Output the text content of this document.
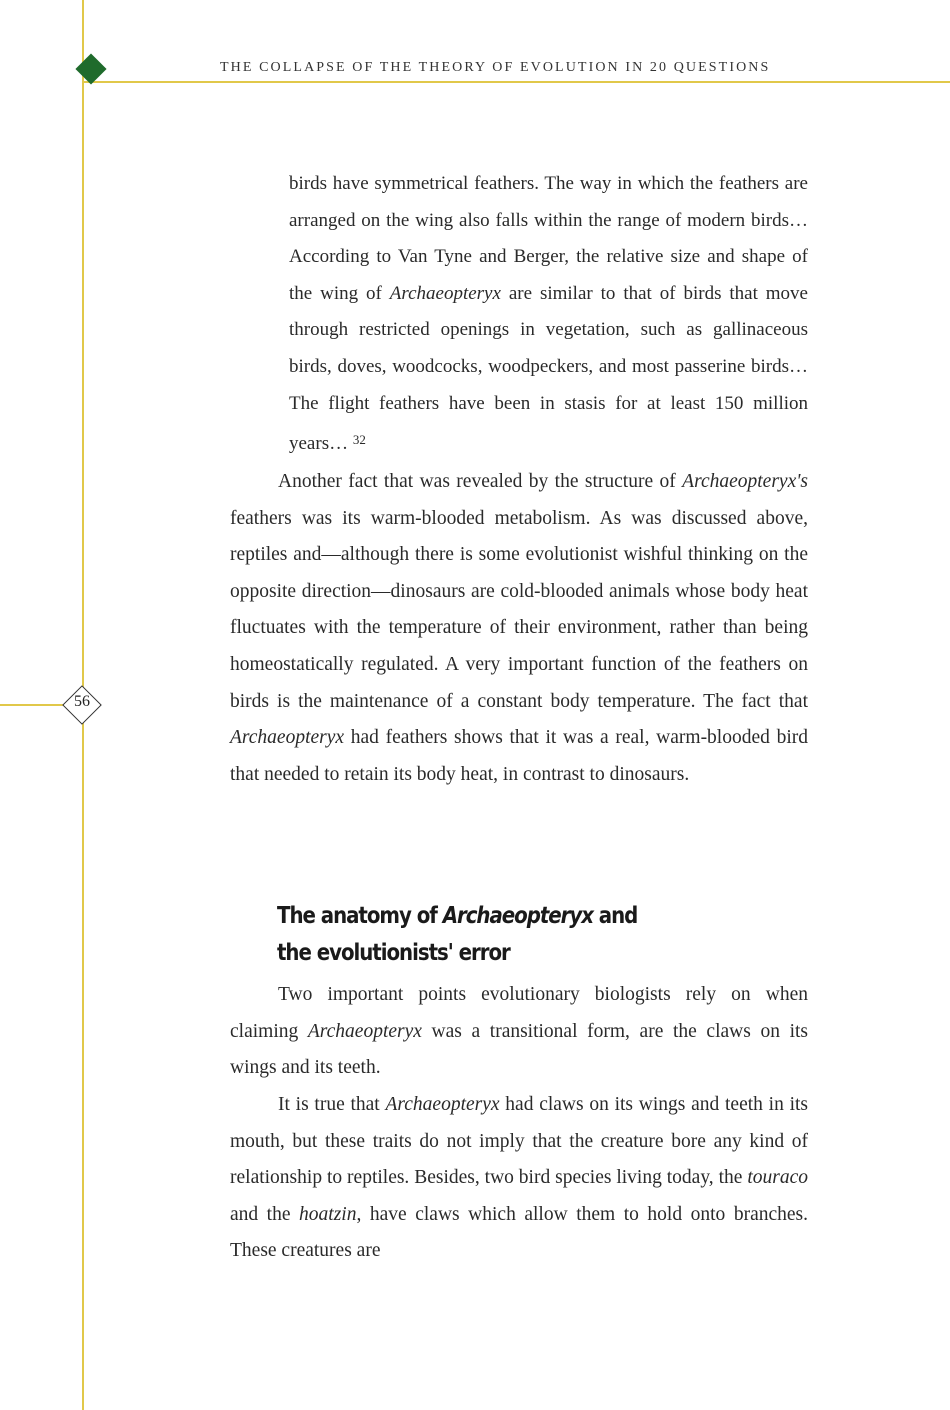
THE COLLAPSE OF THE THEORY OF EVOLUTION IN 20 QUESTIONS
56

birds have symmetrical feathers. The way in which the feathers are arranged on the wing also falls within the range of modern birds… According to Van Tyne and Berger, the relative size and shape of the wing of Archaeopteryx are similar to that of birds that move through restricted openings in vegetation, such as gallinaceous birds, doves, woodcocks, woodpeckers, and most passerine birds… The flight feathers have been in stasis for at least 150 million years… $^{32}$

Another fact that was revealed by the structure of Archaeopteryx's feathers was its warm-blooded metabolism. As was discussed above, reptiles and—although there is some evolutionist wishful thinking on the opposite direction—dinosaurs are cold-blooded animals whose body heat fluctuates with the temperature of their environment, rather than being homeostatically regulated. A very important function of the feathers on birds is the maintenance of a constant body temperature. The fact that Archaeopteryx had feathers shows that it was a real, warm-blooded bird that needed to retain its body heat, in contrast to dinosaurs.

The anatomy of Archaeopteryx and the evolutionists' error

Two important points evolutionary biologists rely on when claiming Archaeopteryx was a transitional form, are the claws on its wings and its teeth.

It is true that Archaeopteryx had claws on its wings and teeth in its mouth, but these traits do not imply that the creature bore any kind of relationship to reptiles. Besides, two bird species living today, the touraco and the hoatzin, have claws which allow them to hold onto branches. These creatures are
